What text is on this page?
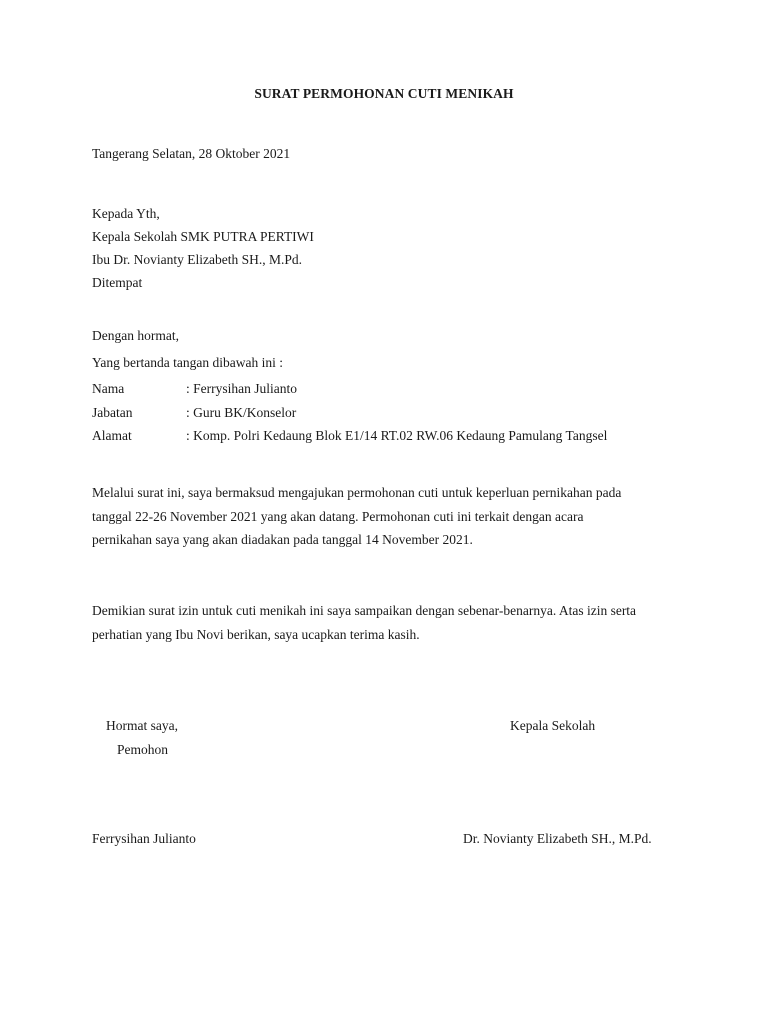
SURAT PERMOHONAN CUTI MENIKAH
Tangerang Selatan, 28 Oktober 2021
Kepada Yth,
Kepala Sekolah SMK PUTRA PERTIWI
Ibu Dr. Novianty Elizabeth SH., M.Pd.
Ditempat
Dengan hormat,
Yang bertanda tangan dibawah ini :
Nama	: Ferrysihan Julianto
Jabatan	: Guru BK/Konselor
Alamat	: Komp. Polri Kedaung Blok E1/14 RT.02 RW.06 Kedaung Pamulang Tangsel
Melalui surat ini, saya bermaksud mengajukan permohonan cuti untuk keperluan pernikahan pada
tanggal 22-26 November 2021 yang akan datang. Permohonan cuti ini terkait dengan acara
pernikahan saya yang akan diadakan pada tanggal 14 November 2021.
Demikian surat izin untuk cuti menikah ini saya sampaikan dengan sebenar-benarnya. Atas izin serta
perhatian yang Ibu Novi berikan, saya ucapkan terima kasih.
Hormat saya,
Pemohon
Kepala Sekolah
Ferrysihan Julianto	Dr. Novianty Elizabeth SH., M.Pd.
